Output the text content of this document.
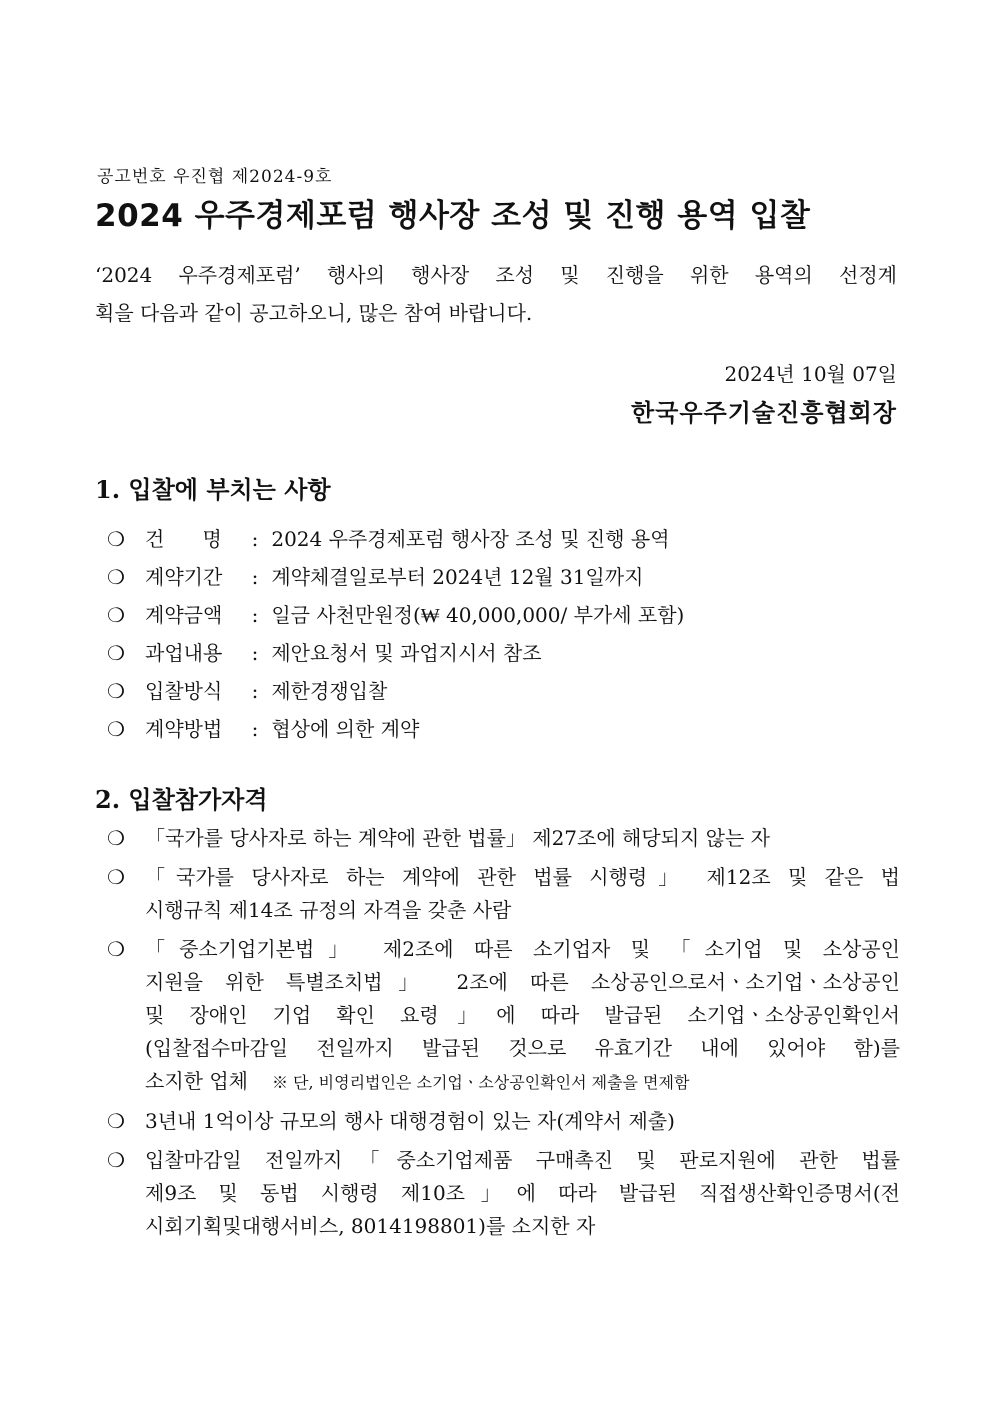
공고번호 우진협 제2024-9호
2024 우주경제포럼 행사장 조성 및 진행 용역 입찰
‘2024 우주경제포럼’ 행사의 행사장 조성 및 진행을 위한 용역의 선정계
획을 다음과 같이 공고하오니, 많은 참여 바랍니다.
2024년 10월 07일
한국우주기술진흥협회장
1. 입찰에 부치는 사항
❍ 건      명 : 2024 우주경제포럼 행사장 조성 및 진행 용역
❍ 계약기간 : 계약체결일로부터 2024년 12월 31일까지
❍ 계약금액 : 일금 사천만원정(₩ 40,000,000/ 부가세 포함)
❍ 과업내용 : 제안요청서 및 과업지시서 참조
❍ 입찰방식 : 제한경쟁입찰
❍ 계약방법 : 협상에 의한 계약
2. 입찰참가자격
❍ 「국가를 당사자로 하는 계약에 관한 법률」 제27조에 해당되지 않는 자
❍ 「국가를 당사자로 하는 계약에 관한 법률 시행령」 제12조 및 같은 법
시행규칙 제14조 규정의 자격을 갖춘 사람
❍ 「중소기업기본법」 제2조에 따른 소기업자 및 「소기업 및 소상공인
지원을 위한 특별조치법」 2조에 따른 소상공인으로서ㆍ소기업ㆍ소상공인
및 장애인 기업 확인 요령」에 따라 발급된 소기업ㆍ소상공인확인서
(입찰접수마감일 전일까지 발급된 것으로 유효기간 내에 있어야 함)를
소지한 업체 ※ 단, 비영리법인은 소기업ㆍ소상공인확인서 제출을 면제함
❍ 3년내 1억이상 규모의 행사 대행경험이 있는 자(계약서 제출)
❍ 입찰마감일 전일까지「중소기업제품 구매촉진 및 판로지원에 관한 법률
제9조 및 동법 시행령 제10조」에 따라 발급된 직접생산확인증명서(전
시회기획및대행서비스, 8014198801)를 소지한 자
